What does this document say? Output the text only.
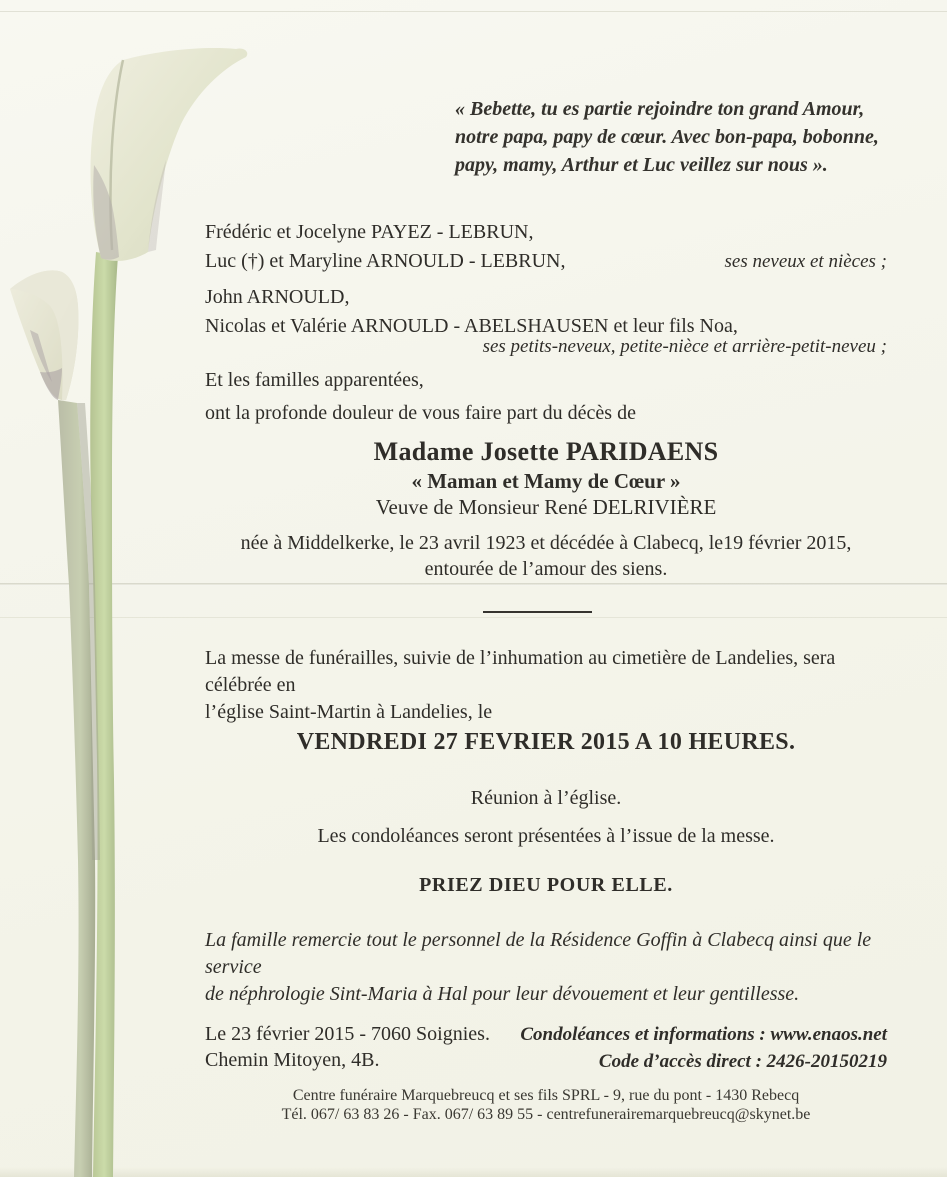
« Bebette, tu es partie rejoindre ton grand Amour,
notre papa, papy de cœur. Avec bon-papa, bobonne,
papy, mamy, Arthur et Luc veillez sur nous ».
Frédéric et Jocelyne PAYEZ - LEBRUN,
Luc (†) et Maryline ARNOULD - LEBRUN,	ses neveux et nièces ;
John ARNOULD,
Nicolas et Valérie ARNOULD - ABELSHAUSEN et leur fils Noa,
ses petits-neveux, petite-nièce et arrière-petit-neveu ;
Et les familles apparentées,
ont la profonde douleur de vous faire part du décès de
Madame Josette PARIDAENS
« Maman et Mamy de Cœur »
Veuve de Monsieur René DELRIVIÈRE
née à Middelkerke, le 23 avril 1923 et décédée à Clabecq, le19 février 2015,
entourée de l’amour des siens.
La messe de funérailles, suivie de l’inhumation au cimetière de Landelies, sera célébrée en
l’église Saint-Martin à Landelies, le
VENDREDI 27 FEVRIER 2015 A 10 HEURES.
Réunion à l’église.
Les condoléances seront présentées à l’issue de la messe.
PRIEZ DIEU POUR ELLE.
La famille remercie tout le personnel de la Résidence Goffin à Clabecq ainsi que le service
de néphrologie Sint-Maria à Hal pour leur dévouement et leur gentillesse.
Le 23 février 2015 - 7060 Soignies.
Chemin Mitoyen, 4B.
Condoléances et informations : www.enaos.net
Code d’accès direct : 2426-20150219
Centre funéraire Marquebreucq et ses fils SPRL - 9, rue du pont - 1430 Rebecq
Tél. 067/ 63 83 26 - Fax. 067/ 63 89 55 - centrefunerairemarquebreucq@skynet.be
